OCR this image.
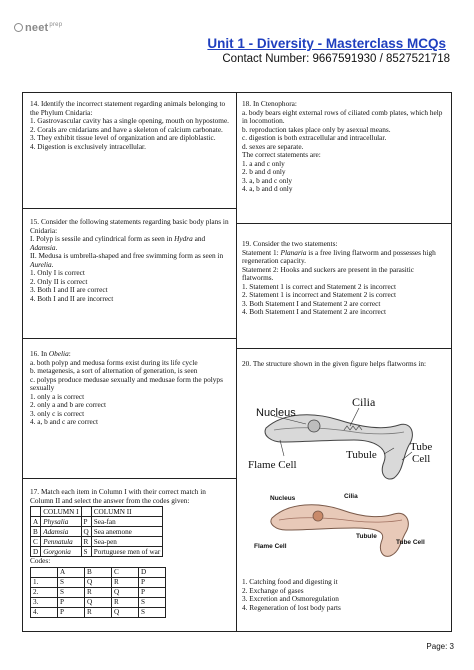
neet$^{prep}$
Unit 1 - Diversity - Masterclass MCQs
Contact Number: 9667591930 / 8527521718

14. Identify the incorrect statement regarding animals belonging to the Phylum Cnidaria:

1. Gastrovascular cavity has a single opening, mouth on hypostome.

2. Corals are cnidarians and have a skeleton of calcium carbonate.

3. They exhibit tissue level of organization and are diploblastic.

4. Digestion is exclusively intracellular.

15. Consider the following statements regarding basic body plans in Cnidaria:

I. Polyp is sessile and cylindrical form as seen in Hydra and Adamsia.

II. Medusa is umbrella-shaped and free swimming form as seen in Aurelia.

1. Only I is correct

2. Only II is correct

3. Both I and II are correct

4. Both I and II are incorrect

16. In Obelia:

a. both polyp and medusa forms exist during its life cycle

b. metagenesis, a sort of alternation of generation, is seen

c. polyps produce medusae sexually and medusae form the polyps sexually

1. only a is correct

2. only a and b are correct

3. only c is correct

4. a, b and c are correct

17. Match each item in Column I with their correct match in Column II and select the answer from the codes given:

	COLUMN I		COLUMN II
A	Physalia	P	Sea-fan
B	Adamsia	Q	Sea anemone
C	Pennatula	R	Sea-pen
D	Gorgonia	S	Portuguese men of war

Codes:

	A	B	C	D
1.	S	Q	R	P
2.	S	R	Q	P
3.	P	Q	R	S
4.	P	R	Q	S

18. In Ctenophora:

a. body bears eight external rows of ciliated comb plates, which help in locomotion.

b. reproduction takes place only by asexual means.

c. digestion is both extracellular and intracellular.

d. sexes are separate.

The correct statements are:

1. a and c only

2. b and d only

3. a, b and c only

4. a, b and d only

19. Consider the two statements:

Statement 1: Planaria is a free living flatworm and possesses high regeneration capacity.

Statement 2: Hooks and suckers are present in the parasitic flatworms.

1. Statement 1 is correct and Statement 2 is incorrect

2. Statement 1 is incorrect and Statement 2 is correct

3. Both Statement I and Statement 2 are correct

4. Both Statement I and Statement 2 are incorrect

20. The structure shown in the given figure helps flatworms in:

Nucleus
Cilia
Tubule
Tube
Cell
Flame Cell
Nucleus	Cilia
Tubule
Tube Cell
Flame Cell

1. Catching food and digesting it

2. Exchange of gases

3. Excretion and Osmoregulation

4. Regeneration of lost body parts

Page: 3
